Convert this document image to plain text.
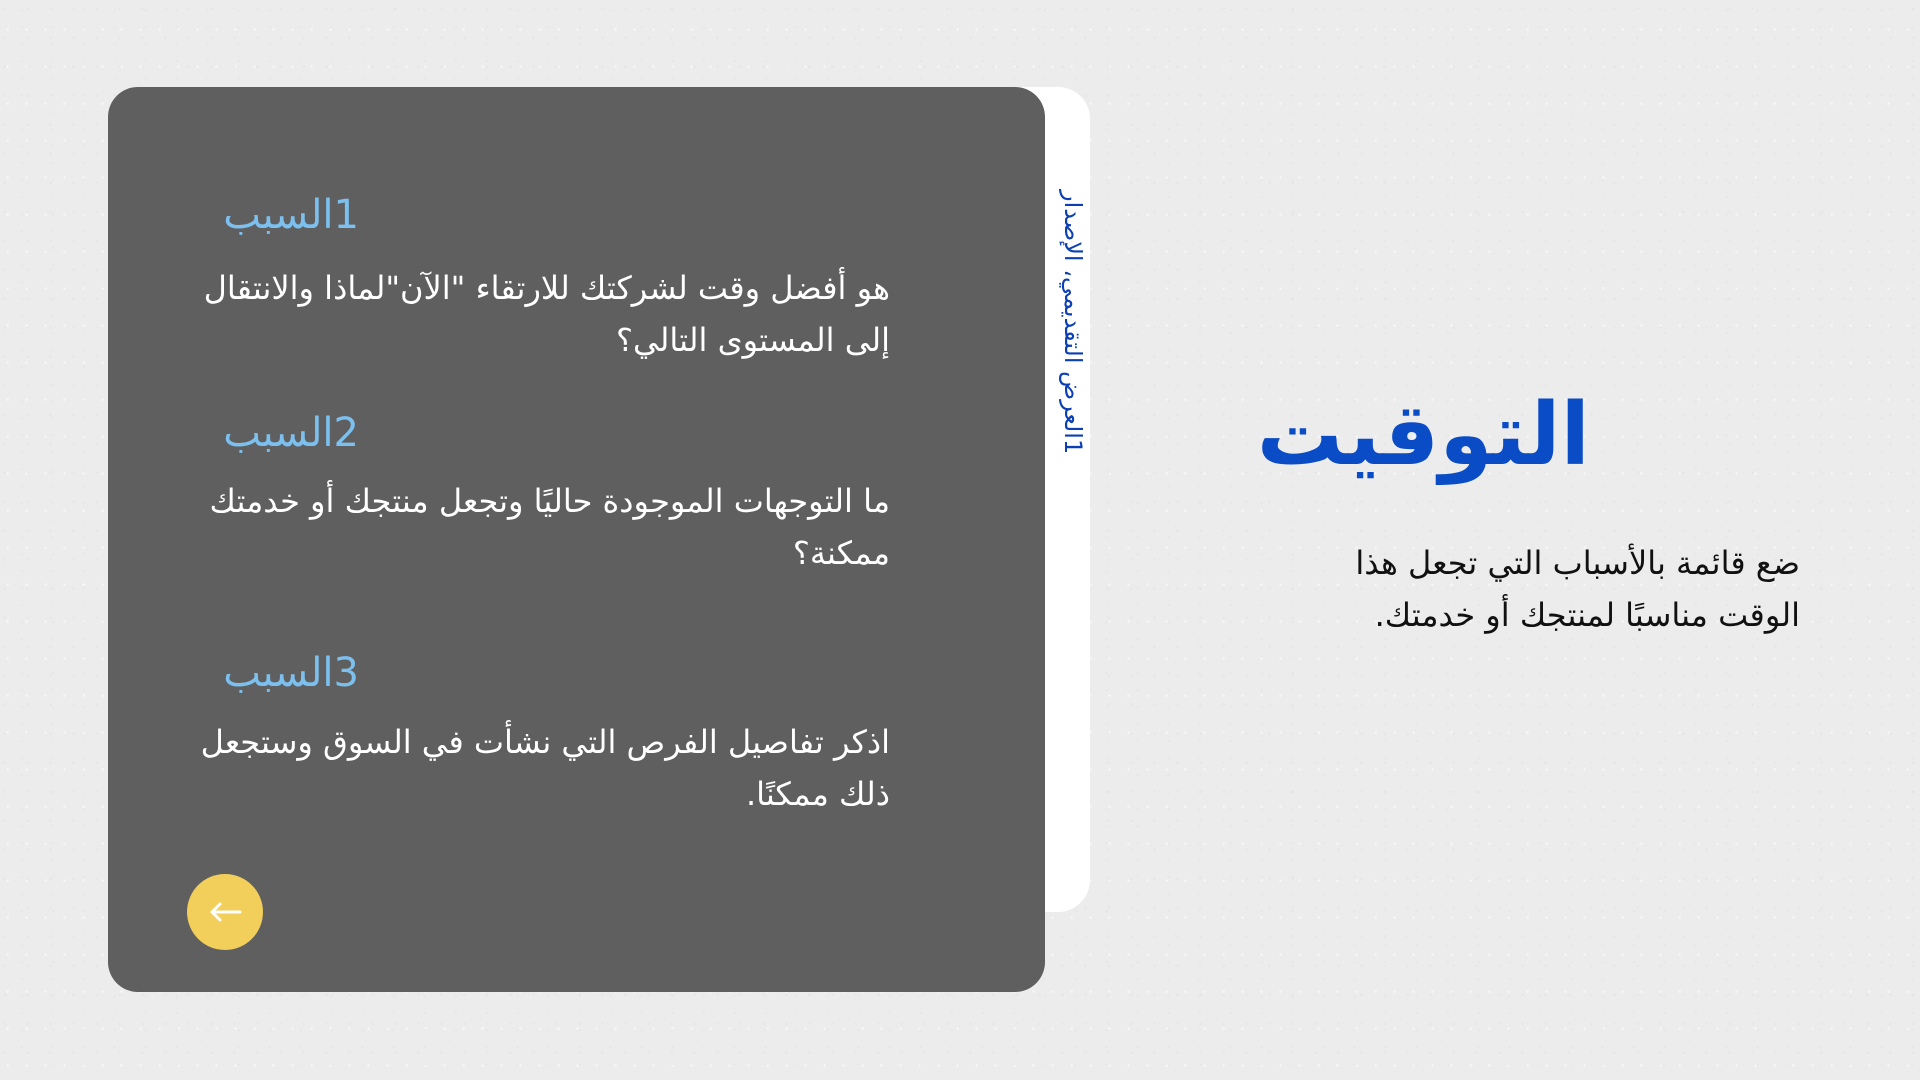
1العرض التقديمي، الإصدار
1السبب
هو أفضل وقت لشركتك للارتقاء "الآن"لماذا والانتقال إلى المستوى التالي؟
2السبب
ما التوجهات الموجودة حاليًا وتجعل منتجك أو خدمتك ممكنة؟
3السبب
اذكر تفاصيل الفرص التي نشأت في السوق وستجعل ذلك ممكنًا.
التوقيت
ضع قائمة بالأسباب التي تجعل هذا الوقت مناسبًا لمنتجك أو خدمتك.
